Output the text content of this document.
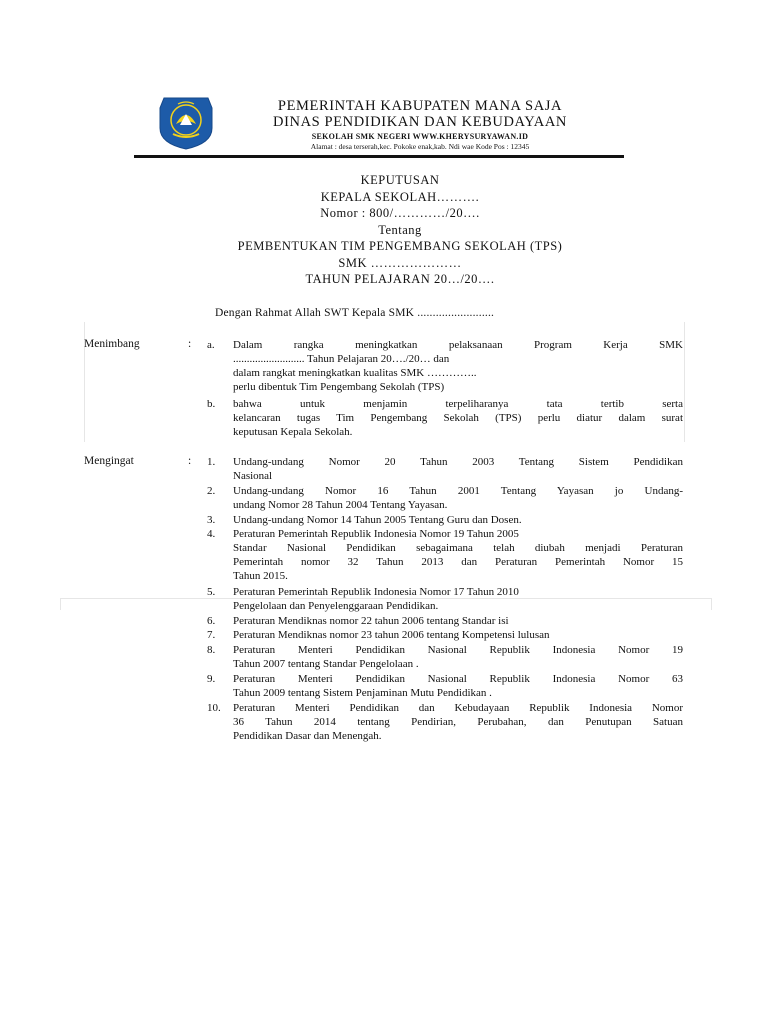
PEMERINTAH KABUPATEN MANA SAJA
DINAS PENDIDIKAN DAN KEBUDAYAAN
SEKOLAH SMK NEGERI WWW.KHERYSURYAWAN.ID
Alamat : desa terserah,kec. Pokoke enak,kab. Ndi wae Kode Pos : 12345
KEPUTUSAN
KEPALA SEKOLAH……….
Nomor : 800/…………/20….
Tentang
PEMBENTUKAN TIM PENGEMBANG SEKOLAH (TPS)
SMK …………………
TAHUN PELAJARAN 20…/20….
Dengan Rahmat Allah SWT Kepala SMK .........................
Menimbang	: a. Dalam rangka meningkatkan pelaksanaan Program Kerja SMK
.......................... Tahun Pelajaran 20…./20… dan
dalam rangkat meningkatkan kualitas SMK …………..
perlu dibentuk Tim Pengembang Sekolah (TPS)
b. bahwa untuk menjamin terpeliharanya tata tertib serta
kelancaran tugas Tim Pengembang Sekolah (TPS) perlu diatur dalam surat
keputusan Kepala Sekolah.
Mengingat	: 1. Undang-undang Nomor 20 Tahun 2003 Tentang Sistem Pendidikan
Nasional
2. Undang-undang Nomor 16 Tahun 2001 Tentang Yayasan jo Undang-
undang Nomor 28 Tahun 2004 Tentang Yayasan.
3. Undang-undang Nomor 14 Tahun 2005 Tentang Guru dan Dosen.
4. Peraturan Pemerintah Republik Indonesia Nomor 19 Tahun 2005
Standar Nasional Pendidikan sebagaimana telah diubah menjadi Peraturan
Pemerintah nomor 32 Tahun 2013 dan Peraturan Pemerintah Nomor 15
Tahun 2015.
5. Peraturan Pemerintah Republik Indonesia Nomor 17 Tahun 2010
Pengelolaan dan Penyelenggaraan Pendidikan.
6. Peraturan Mendiknas nomor 22 tahun 2006 tentang Standar isi
7. Peraturan Mendiknas nomor 23 tahun 2006 tentang Kompetensi lulusan
8. Peraturan Menteri Pendidikan Nasional Republik Indonesia Nomor 19
Tahun 2007 tentang Standar Pengelolaan .
9. Peraturan Menteri Pendidikan Nasional Republik Indonesia Nomor 63
Tahun 2009 tentang Sistem Penjaminan Mutu Pendidikan .
10. Peraturan Menteri Pendidikan dan Kebudayaan Republik Indonesia Nomor
36 Tahun 2014 tentang Pendirian, Perubahan, dan Penutupan Satuan
Pendidikan Dasar dan Menengah.
